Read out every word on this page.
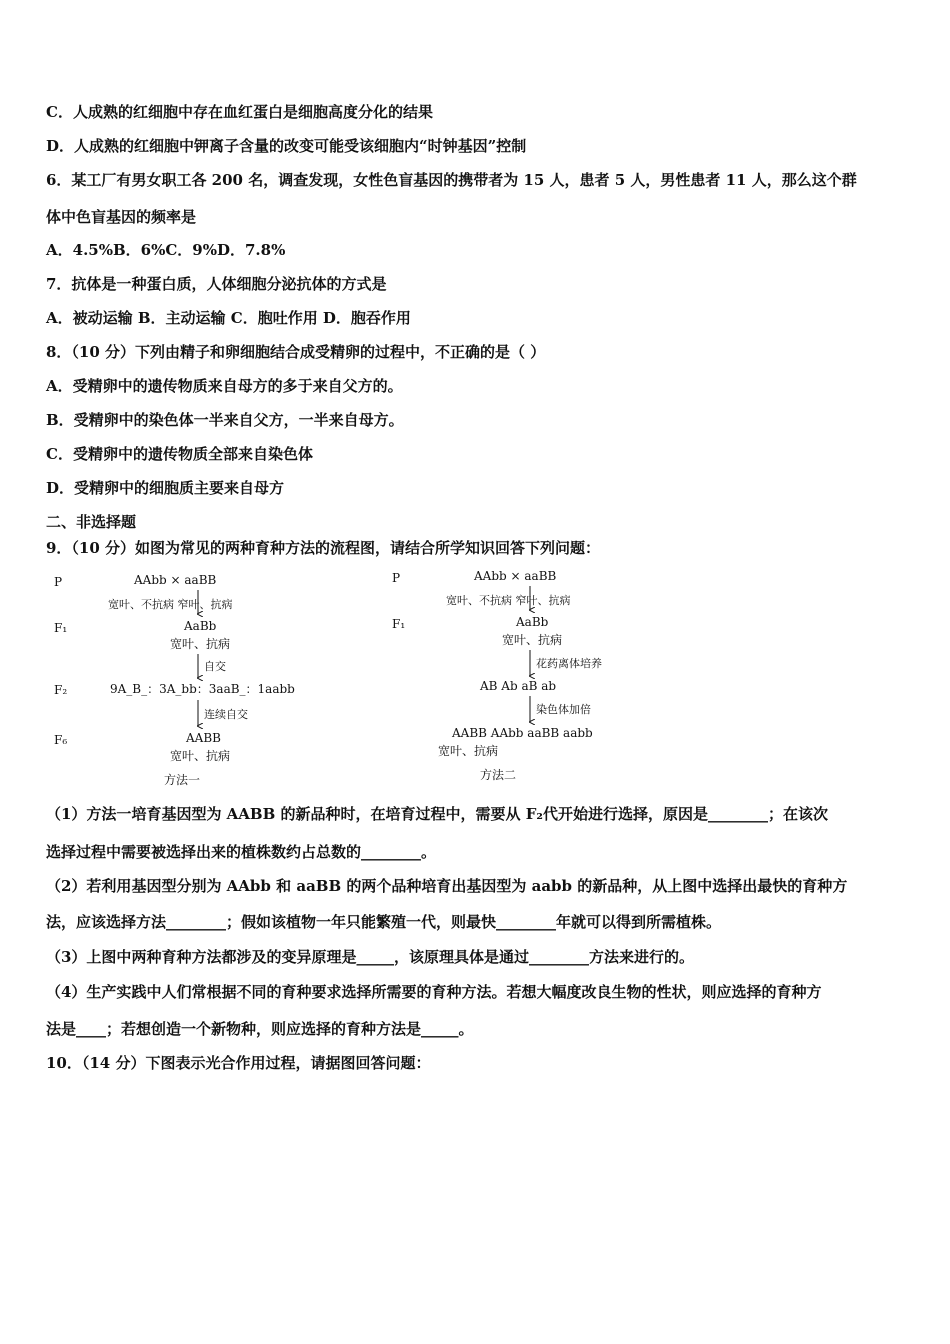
C．人成熟的红细胞中存在血红蛋白是细胞高度分化的结果
D．人成熟的红细胞中钾离子含量的改变可能受该细胞内“时钟基因”控制
6．某工厂有男女职工各 200 名，调查发现，女性色盲基因的携带者为 15 人，患者 5 人，男性患者 11 人，那么这个群
体中色盲基因的频率是
A．4.5%B．6%C．9%D．7.8%
7．抗体是一种蛋白质，人体细胞分泌抗体的方式是
A．被动运输 B．主动运输 C．胞吐作用 D．胞吞作用
8．（10 分）下列由精子和卵细胞结合成受精卵的过程中，不正确的是（ ）
A．受精卵中的遗传物质来自母方的多于来自父方的。
B．受精卵中的染色体一半来自父方，一半来自母方。
C．受精卵中的遗传物质全部来自染色体
D．受精卵中的细胞质主要来自母方
二、非选择题
9．（10 分）如图为常见的两种育种方法的流程图，请结合所学知识回答下列问题：
P	AAbb × aaBB
宽叶、不抗病 窄叶、抗病
F₁	AaBb
宽叶、抗病
自交
F₂	9A_B_：3A_bb：3aaB_：1aabb
连续自交
F₆	AABB
宽叶、抗病
方法一
P	AAbb × aaBB
宽叶、不抗病 窄叶、抗病
F₁	AaBb
宽叶、抗病
花药离体培养
AB Ab aB ab
染色体加倍
AABB AAbb aaBB aabb
宽叶、抗病
方法二
（1）方法一培育基因型为 AABB 的新品种时，在培育过程中，需要从 F₂代开始进行选择，原因是________；在该次
选择过程中需要被选择出来的植株数约占总数的________。
（2）若利用基因型分别为 AAbb 和 aaBB 的两个品种培育出基因型为 aabb 的新品种，从上图中选择出最快的育种方
法，应该选择方法________；假如该植物一年只能繁殖一代，则最快________年就可以得到所需植株。
（3）上图中两种育种方法都涉及的变异原理是_____，该原理具体是通过________方法来进行的。
（4）生产实践中人们常根据不同的育种要求选择所需要的育种方法。若想大幅度改良生物的性状，则应选择的育种方
法是____；若想创造一个新物种，则应选择的育种方法是_____。
10．（14 分）下图表示光合作用过程，请据图回答问题：
